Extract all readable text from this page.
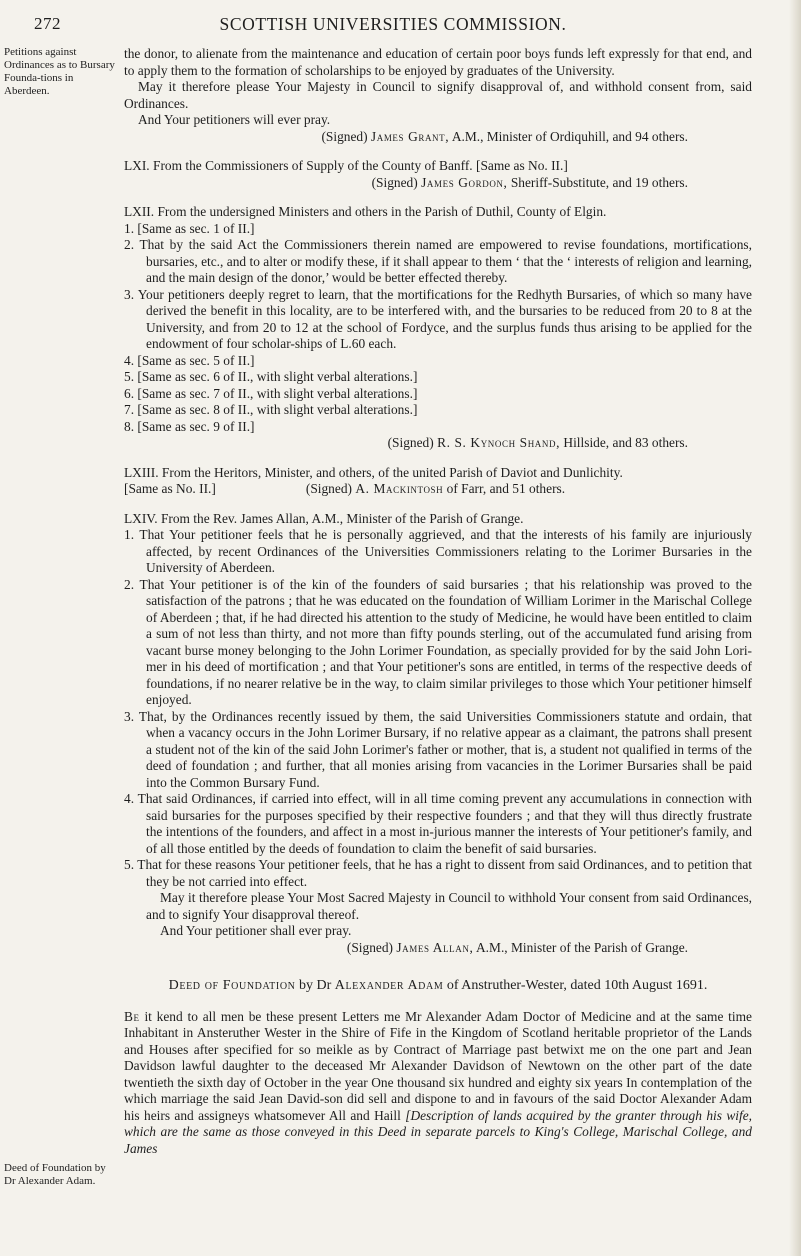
272	SCOTTISH UNIVERSITIES COMMISSION.
Petitions against Ordinances as to Bursary Founda-tions in Aberdeen.

the donor, to alienate from the maintenance and education of certain poor boys funds left expressly for that end, and to apply them to the formation of scholarships to be enjoyed by graduates of the University.

May it therefore please Your Majesty in Council to signify disapproval of, and withhold consent from, said Ordinances.

And Your petitioners will ever pray.

(Signed) James Grant, A.M., Minister of Ordiquhill, and 94 others.

LXI. From the Commissioners of Supply of the County of Banff. [Same as No. II.]

(Signed) James Gordon, Sheriff-Substitute, and 19 others.

LXII. From the undersigned Ministers and others in the Parish of Duthil, County of Elgin.

1. [Same as sec. 1 of II.]

2. That by the said Act the Commissioners therein named are empowered to revise foundations, mortifications, bursaries, etc., and to alter or modify these, if it shall appear to them ‘ that the ‘ interests of religion and learning, and the main design of the donor,’ would be better effected thereby.

3. Your petitioners deeply regret to learn, that the mortifications for the Redhyth Bursaries, of which so many have derived the benefit in this locality, are to be interfered with, and the bursaries to be reduced from 20 to 8 at the University, and from 20 to 12 at the school of Fordyce, and the surplus funds thus arising to be applied for the endowment of four scholar-ships of L.60 each.

4. [Same as sec. 5 of II.]

5. [Same as sec. 6 of II., with slight verbal alterations.]

6. [Same as sec. 7 of II., with slight verbal alterations.]

7. [Same as sec. 8 of II., with slight verbal alterations.]

8. [Same as sec. 9 of II.]

(Signed) R. S. Kynoch Shand, Hillside, and 83 others.

LXIII. From the Heritors, Minister, and others, of the united Parish of Daviot and Dunlichity.

[Same as No. II.]	(Signed) A. Mackintosh of Farr, and 51 others.

LXIV. From the Rev. James Allan, A.M., Minister of the Parish of Grange.

1. That Your petitioner feels that he is personally aggrieved, and that the interests of his family are injuriously affected, by recent Ordinances of the Universities Commissioners relating to the Lorimer Bursaries in the University of Aberdeen.

2. That Your petitioner is of the kin of the founders of said bursaries ; that his relationship was proved to the satisfaction of the patrons ; that he was educated on the foundation of William Lorimer in the Marischal College of Aberdeen ; that, if he had directed his attention to the study of Medicine, he would have been entitled to claim a sum of not less than thirty, and not more than fifty pounds sterling, out of the accumulated fund arising from vacant burse money belonging to the John Lorimer Foundation, as specially provided for by the said John Lori-mer in his deed of mortification ; and that Your petitioner's sons are entitled, in terms of the respective deeds of foundations, if no nearer relative be in the way, to claim similar privileges to those which Your petitioner himself enjoyed.

3. That, by the Ordinances recently issued by them, the said Universities Commissioners statute and ordain, that when a vacancy occurs in the John Lorimer Bursary, if no relative appear as a claimant, the patrons shall present a student not of the kin of the said John Lorimer's father or mother, that is, a student not qualified in terms of the deed of foundation ; and further, that all monies arising from vacancies in the Lorimer Bursaries shall be paid into the Common Bursary Fund.

4. That said Ordinances, if carried into effect, will in all time coming prevent any accumulations in connection with said bursaries for the purposes specified by their respective founders ; and that they will thus directly frustrate the intentions of the founders, and affect in a most in-jurious manner the interests of Your petitioner's family, and of all those entitled by the deeds of foundation to claim the benefit of said bursaries.

5. That for these reasons Your petitioner feels, that he has a right to dissent from said Ordinances, and to petition that they be not carried into effect.

May it therefore please Your Most Sacred Majesty in Council to withhold Your consent from said Ordinances, and to signify Your disapproval thereof.

And Your petitioner shall ever pray.

(Signed) James Allan, A.M., Minister of the Parish of Grange.

Deed of Foundation by Dr Alexander Adam of Anstruther-Wester, dated 10th August 1691.

Be it kend to all men be these present Letters me Mr Alexander Adam Doctor of Medicine and at the same time Inhabitant in Ansteruther Wester in the Shire of Fife in the Kingdom of Scotland heritable proprietor of the Lands and Houses after specified for so meikle as by Contract of Marriage past betwixt me on the one part and Jean Davidson lawful daughter to the deceased Mr Alexander Davidson of Newtown on the other part of the date twentieth the sixth day of October in the year One thousand six hundred and eighty six years In contemplation of the which marriage the said Jean David-son did sell and dispone to and in favours of the said Doctor Alexander Adam his heirs and assigneys whatsomever All and Haill [Description of lands acquired by the granter through his wife, which are the same as those conveyed in this Deed in separate parcels to King's College, Marischal College, and James

Deed of Foundation by Dr Alexander Adam.
